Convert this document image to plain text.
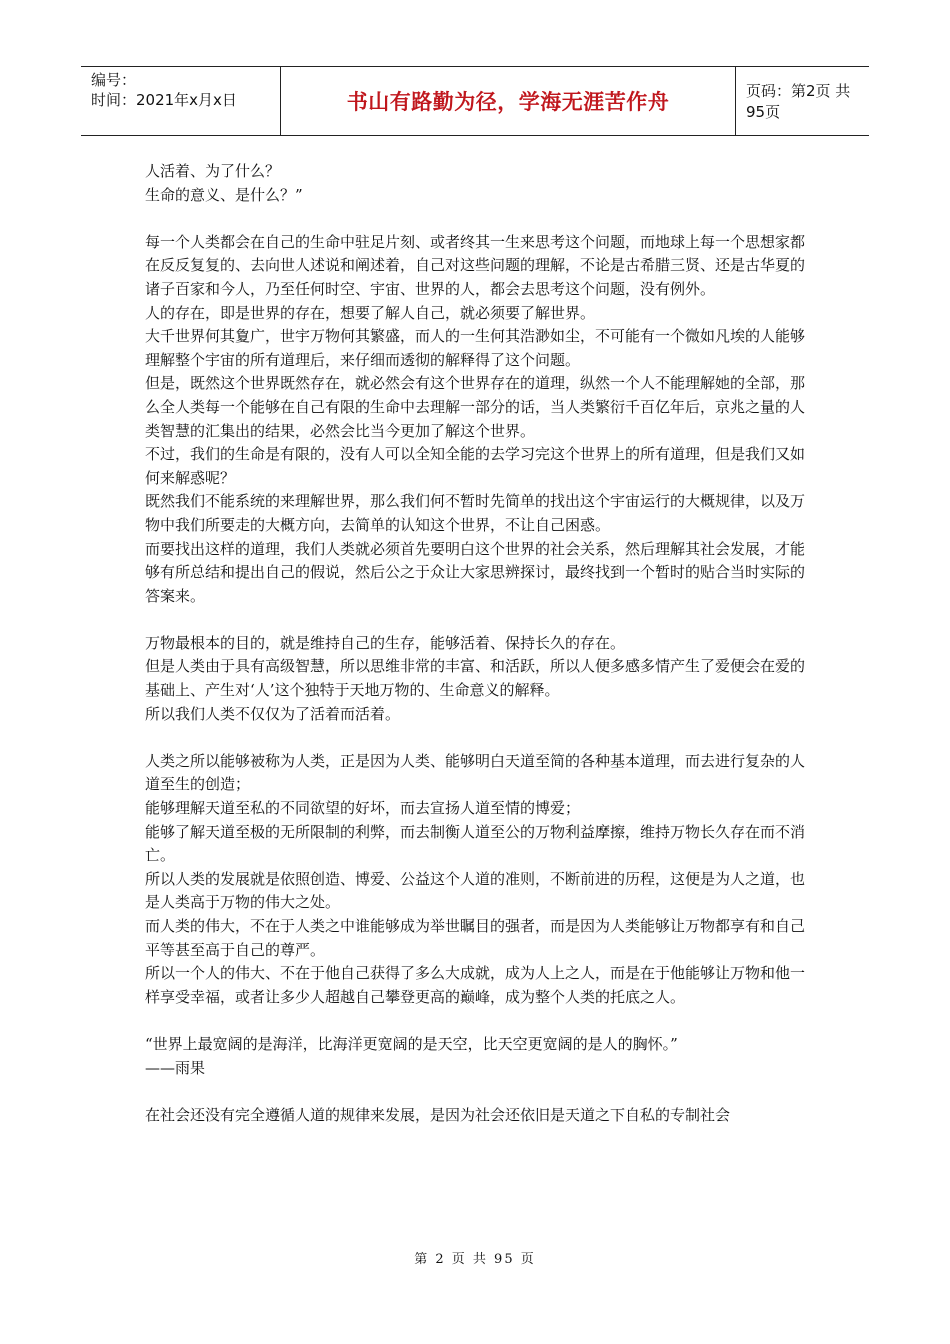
编号：
时间：2021年x月x日	书山有路勤为径，学海无涯苦作舟	页码：第2页 共95页

人活着、为了什么？

生命的意义、是什么？”

每一个人类都会在自己的生命中驻足片刻、或者终其一生来思考这个问题，而地球上每一个思想家都在反反复复的、去向世人述说和阐述着，自己对这些问题的理解，不论是古希腊三贤、还是古华夏的诸子百家和今人，乃至任何时空、宇宙、世界的人，都会去思考这个问题，没有例外。

人的存在，即是世界的存在，想要了解人自己，就必须要了解世界。

大千世界何其夐广，世宇万物何其繁盛，而人的一生何其浩渺如尘，不可能有一个微如凡埃的人能够理解整个宇宙的所有道理后，来仔细而透彻的解释得了这个问题。

但是，既然这个世界既然存在，就必然会有这个世界存在的道理，纵然一个人不能理解她的全部，那么全人类每一个能够在自己有限的生命中去理解一部分的话，当人类繁衍千百亿年后，京兆之量的人类智慧的汇集出的结果，必然会比当今更加了解这个世界。

不过，我们的生命是有限的，没有人可以全知全能的去学习完这个世界上的所有道理，但是我们又如何来解惑呢？

既然我们不能系统的来理解世界，那么我们何不暂时先简单的找出这个宇宙运行的大概规律，以及万物中我们所要走的大概方向，去简单的认知这个世界，不让自己困惑。

而要找出这样的道理，我们人类就必须首先要明白这个世界的社会关系，然后理解其社会发展，才能够有所总结和提出自己的假说，然后公之于众让大家思辨探讨，最终找到一个暂时的贴合当时实际的答案来。

万物最根本的目的，就是维持自己的生存，能够活着、保持长久的存在。

但是人类由于具有高级智慧，所以思维非常的丰富、和活跃，所以人便多感多情产生了爱便会在爱的基础上、产生对‘人’这个独特于天地万物的、生命意义的解释。

所以我们人类不仅仅为了活着而活着。

人类之所以能够被称为人类，正是因为人类、能够明白天道至简的各种基本道理，而去进行复杂的人道至生的创造；

能够理解天道至私的不同欲望的好坏，而去宣扬人道至情的博爱；

能够了解天道至极的无所限制的利弊，而去制衡人道至公的万物利益摩擦，维持万物长久存在而不消亡。

所以人类的发展就是依照创造、博爱、公益这个人道的准则，不断前进的历程，这便是为人之道，也是人类高于万物的伟大之处。

而人类的伟大，不在于人类之中谁能够成为举世瞩目的强者，而是因为人类能够让万物都享有和自己平等甚至高于自己的尊严。

所以一个人的伟大、不在于他自己获得了多么大成就，成为人上之人，而是在于他能够让万物和他一样享受幸福，或者让多少人超越自己攀登更高的巅峰，成为整个人类的托底之人。

“世界上最宽阔的是海洋，比海洋更宽阔的是天空，比天空更宽阔的是人的胸怀。”

——雨果

在社会还没有完全遵循人道的规律来发展，是因为社会还依旧是天道之下自私的专制社会

第 2 页 共 95 页
